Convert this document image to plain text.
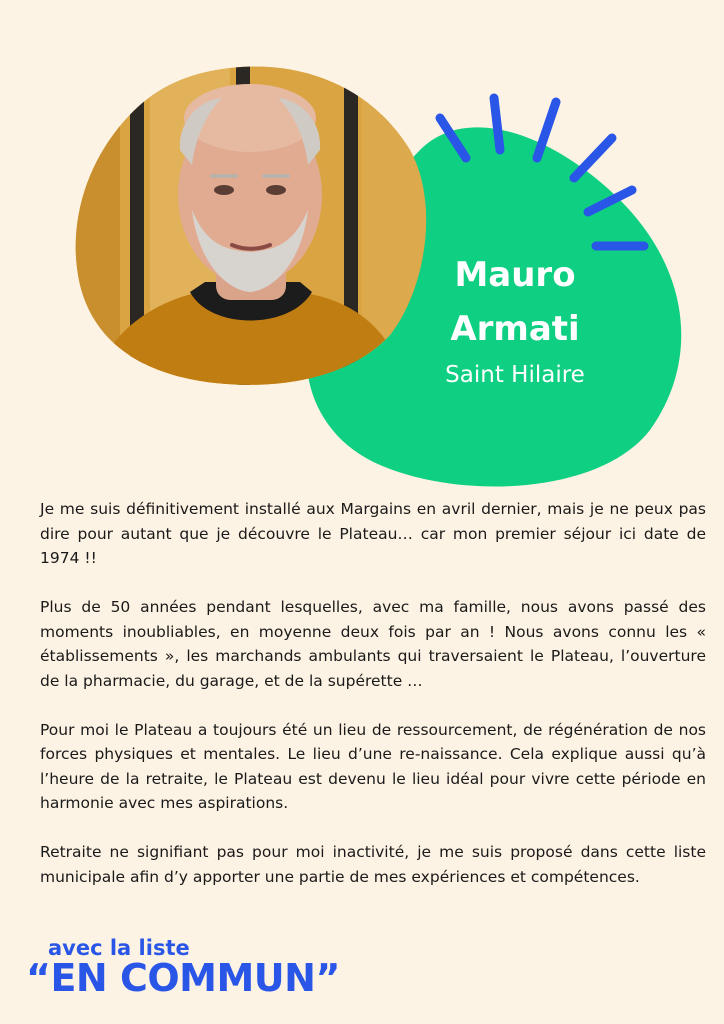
Mauro
Armati
Saint Hilaire

Je me suis définitivement installé aux Margains en avril dernier, mais je ne peux pas dire pour autant que je découvre le Plateau… car mon premier séjour ici date de 1974 !!

Plus de 50 années pendant lesquelles, avec ma famille, nous avons passé des moments inoubliables, en moyenne deux fois par an ! Nous avons connu les « établissements », les marchands ambulants qui traversaient le Plateau, l’ouverture de la pharmacie, du garage, et de la supérette …

Pour moi le Plateau a toujours été un lieu de ressourcement, de régénération de nos forces physiques et mentales. Le lieu d’une re-naissance. Cela explique aussi qu’à l’heure de la retraite, le Plateau est devenu le lieu idéal pour vivre cette période en harmonie avec mes aspirations.

Retraite ne signifiant pas pour moi inactivité, je me suis proposé dans cette liste municipale afin d’y apporter une partie de mes expériences et compétences.

avec la liste
“EN COMMUN”
